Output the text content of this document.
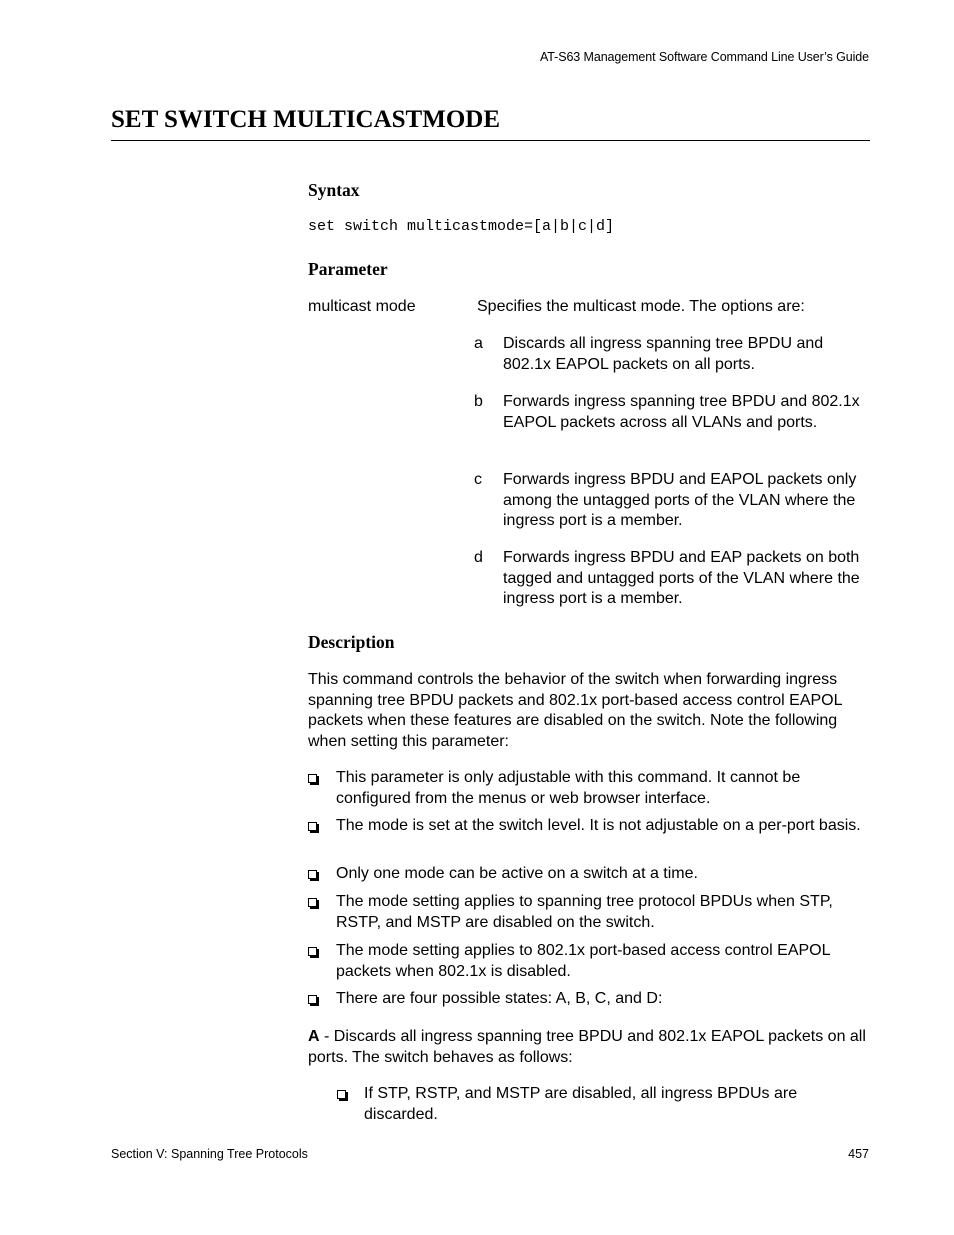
AT-S63 Management Software Command Line User’s Guide
SET SWITCH MULTICASTMODE
Syntax
set switch multicastmode=[a|b|c|d]
Parameter
multicast mode	Specifies the multicast mode. The options are:
a Discards all ingress spanning tree BPDU and 802.1x EAPOL packets on all ports.
b Forwards ingress spanning tree BPDU and 802.1x EAPOL packets across all VLANs and ports.
c Forwards ingress BPDU and EAPOL packets only among the untagged ports of the VLAN where the ingress port is a member.
d Forwards ingress BPDU and EAP packets on both tagged and untagged ports of the VLAN where the ingress port is a member.
Description
This command controls the behavior of the switch when forwarding ingress spanning tree BPDU packets and 802.1x port-based access control EAPOL packets when these features are disabled on the switch. Note the following when setting this parameter:
This parameter is only adjustable with this command. It cannot be configured from the menus or web browser interface.
The mode is set at the switch level. It is not adjustable on a per-port basis.
Only one mode can be active on a switch at a time.
The mode setting applies to spanning tree protocol BPDUs when STP, RSTP, and MSTP are disabled on the switch.
The mode setting applies to 802.1x port-based access control EAPOL packets when 802.1x is disabled.
There are four possible states: A, B, C, and D:
A - Discards all ingress spanning tree BPDU and 802.1x EAPOL packets on all ports. The switch behaves as follows:
If STP, RSTP, and MSTP are disabled, all ingress BPDUs are discarded.
Section V: Spanning Tree Protocols	457
